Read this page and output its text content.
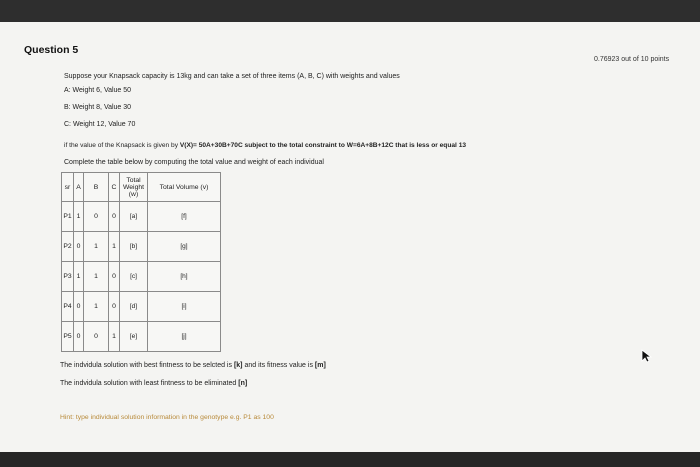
Question 5
0.76923 out of 10 points
Suppose your Knapsack capacity is 13kg and can take a set of three items (A, B, C) with weights and values
A: Weight 6, Value 50
B: Weight 8, Value 30
C: Weight 12, Value 70
if the value of the Knapsack is given by V(X)= 50A+30B+70C subject to the total constraint to W=6A+8B+12C that is less or equal 13
Complete the table below by computing the total value and weight of each individual
sr	A	B	C	Total Weight (w)	Total Volume (v)
P1	1	0	0	[a]	[f]
P2	0	1	1	[b]	[g]
P3	1	1	0	[c]	[h]
P4	0	1	0	[d]	[i]
P5	0	0	1	[e]	[j]
The indvidula solution with best fintness to be selcted is [k] and its fitness value is [m]
The indvidula solution with least fintness to be eliminated [n]
Hint: type individual solution information in the genotype e.g. P1 as 100
